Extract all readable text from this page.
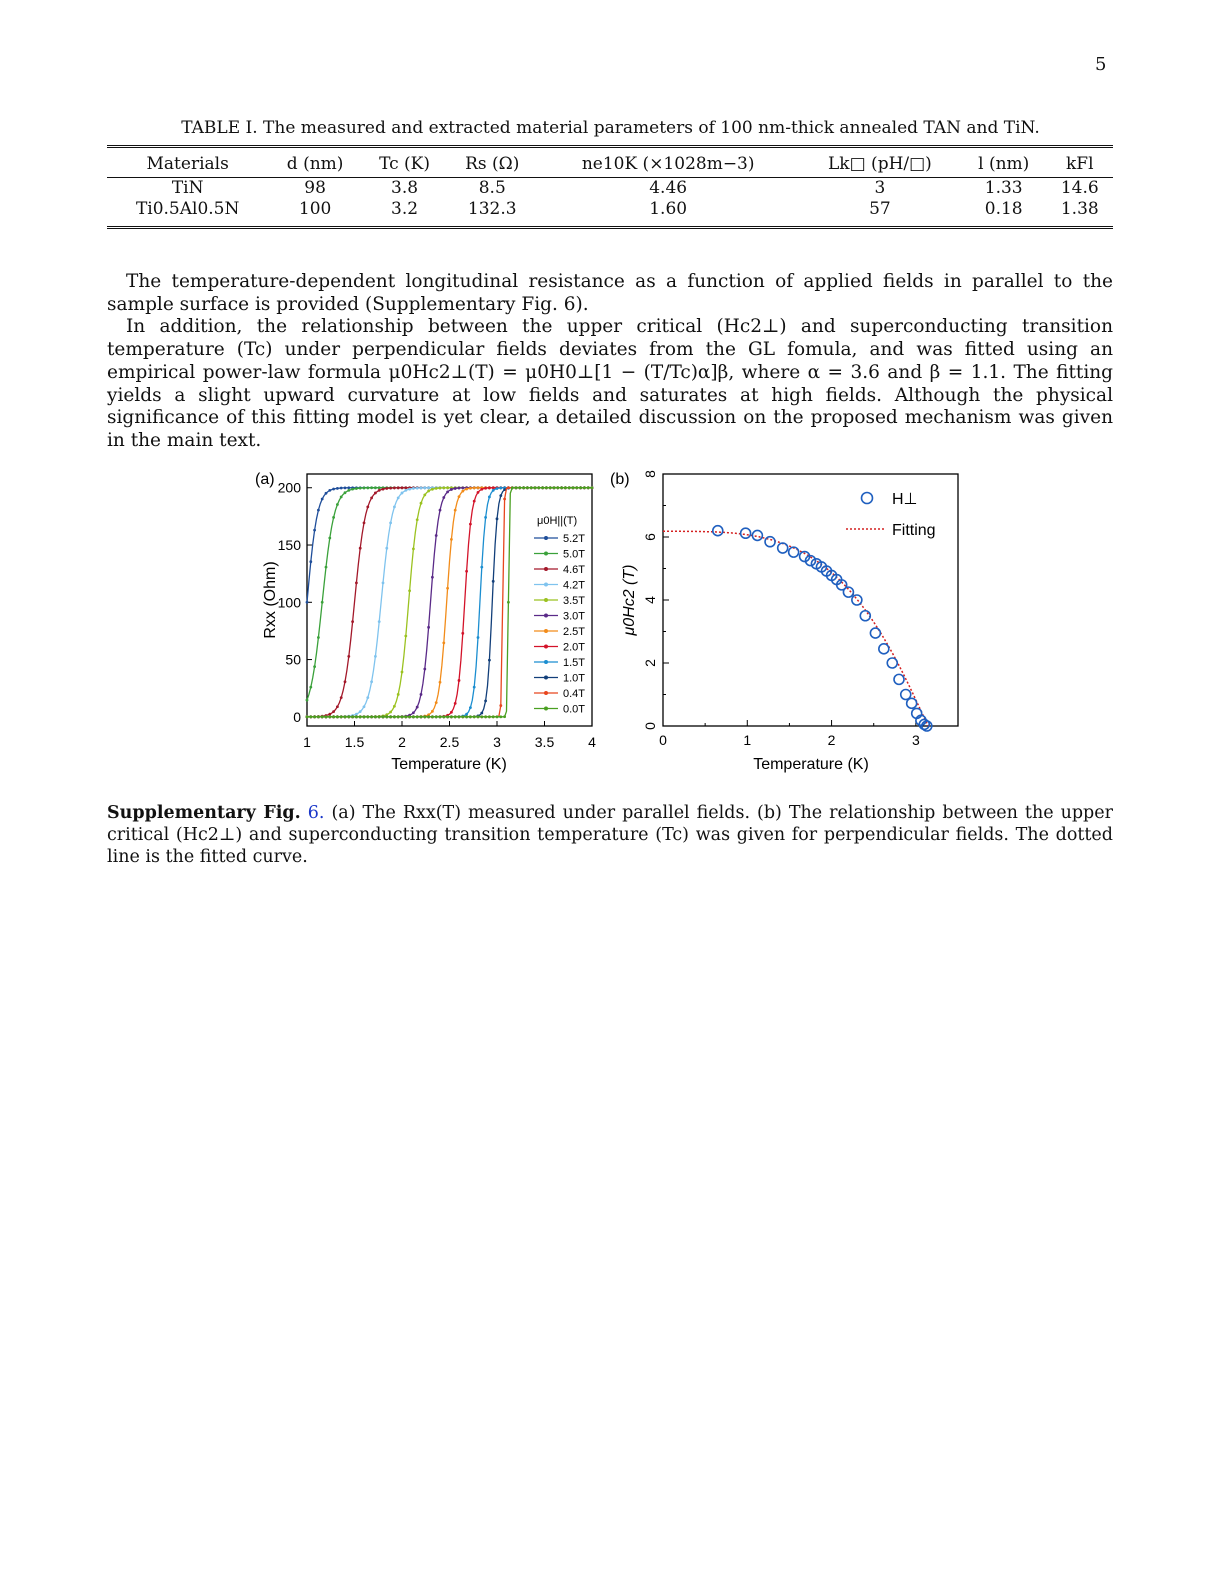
5
TABLE I. The measured and extracted material parameters of 100 nm-thick annealed TAN and TiN.
Materials	d (nm)	Tc (K)	Rs (Ω)	ne10K (×1028m−3)	Lk□ (pH/□)	l (nm)	kFl
TiN	98	3.8	8.5	4.46	3	1.33	14.6
Ti0.5Al0.5N	100	3.2	132.3	1.60	57	0.18	1.38

The temperature-dependent longitudinal resistance as a function of applied fields in parallel to the sample surface is provided (Supplementary Fig. 6).

In addition, the relationship between the upper critical (Hc2⊥) and superconducting transition temperature (Tc) under perpendicular fields deviates from the GL fomula, and was fitted using an empirical power-law formula μ0Hc2⊥(T) = μ0H0⊥[1 − (T/Tc)α]β, where α = 3.6 and β = 1.1. The fitting yields a slight upward curvature at low fields and saturates at high fields. Although the physical significance of this fitting model is yet clear, a detailed discussion on the proposed mechanism was given in the main text.

(a)
Temperature (K)
Rxx (Ohm)
1 1.5 2 2.5 3 3.5 4
0
50
100
150
200
μ0H||(T)
5.2T
5.0T
4.6T
4.2T
3.5T
3.0T
2.5T
2.0T
1.5T
1.0T
0.4T
0.0T
(b)
Temperature (K)
μ0Hc2 (T)
0	1	2	3
0
2
4
6
8
H⊥
Fitting
Supplementary Fig. 6. (a) The Rxx(T) measured under parallel fields. (b) The relationship between the upper critical (Hc2⊥) and superconducting transition temperature (Tc) was given for perpendicular fields. The dotted line is the fitted curve.
